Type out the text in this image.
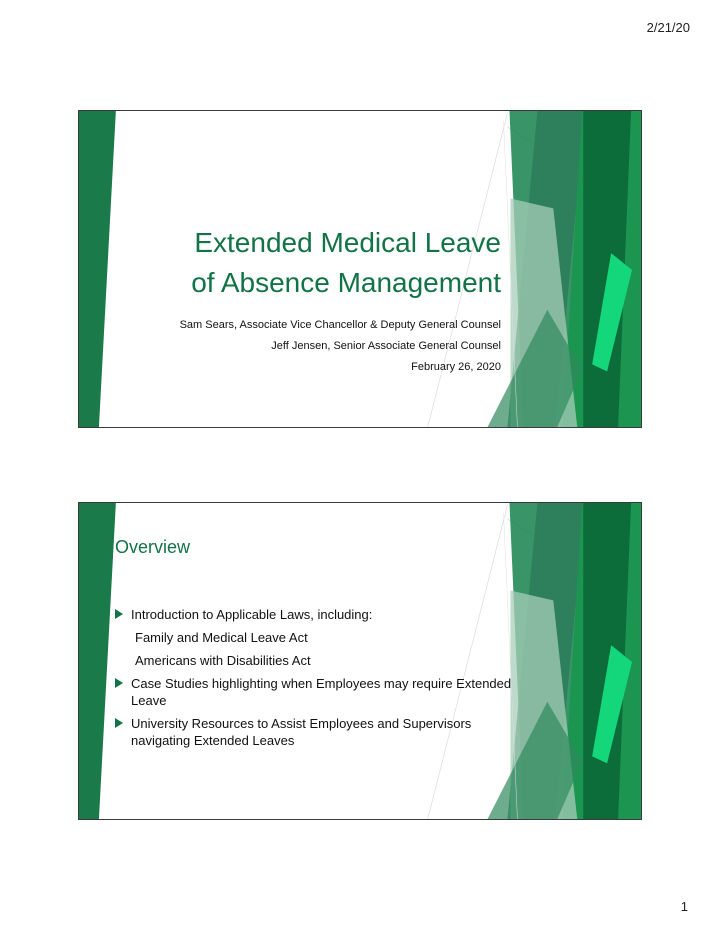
2/21/20
Extended Medical Leave
of Absence Management
Sam Sears, Associate Vice Chancellor & Deputy General Counsel
Jeff Jensen, Senior Associate General Counsel
February 26, 2020
Overview
Introduction to Applicable Laws, including:
Family and Medical Leave Act
Americans with Disabilities Act
Case Studies highlighting when Employees may require Extended Leave
University Resources to Assist Employees and Supervisors navigating Extended Leaves
1
